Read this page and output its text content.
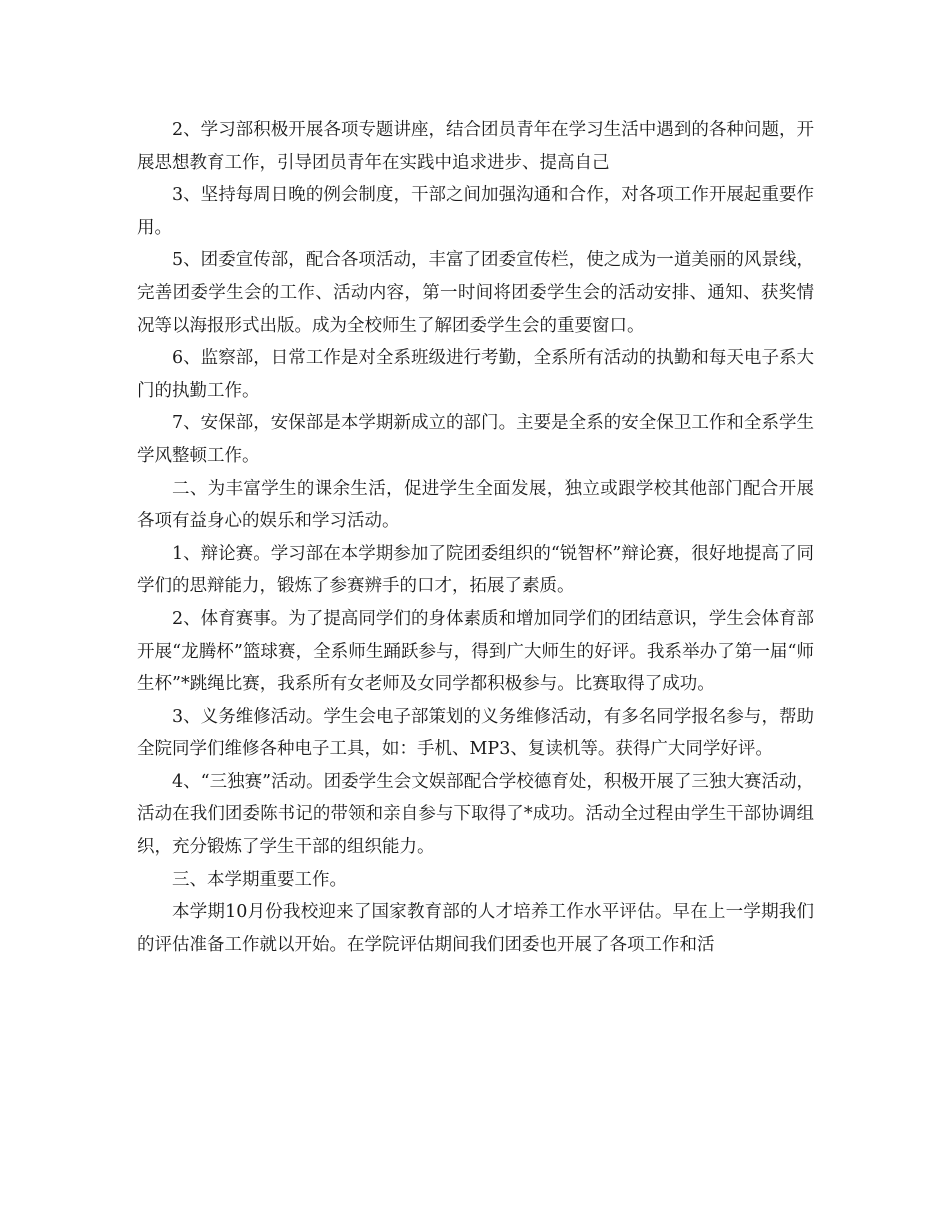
2、学习部积极开展各项专题讲座，结合团员青年在学习生活中遇到的各种问题，开展思想教育工作，引导团员青年在实践中追求进步、提高自己

3、坚持每周日晚的例会制度，干部之间加强沟通和合作，对各项工作开展起重要作用。

5、团委宣传部，配合各项活动，丰富了团委宣传栏，使之成为一道美丽的风景线，完善团委学生会的工作、活动内容，第一时间将团委学生会的活动安排、通知、获奖情况等以海报形式出版。成为全校师生了解团委学生会的重要窗口。

6、监察部，日常工作是对全系班级进行考勤，全系所有活动的执勤和每天电子系大门的执勤工作。

7、安保部，安保部是本学期新成立的部门。主要是全系的安全保卫工作和全系学生学风整顿工作。

二、为丰富学生的课余生活，促进学生全面发展，独立或跟学校其他部门配合开展各项有益身心的娱乐和学习活动。

1、辩论赛。学习部在本学期参加了院团委组织的“锐智杯”辩论赛，很好地提高了同学们的思辩能力，锻炼了参赛辨手的口才，拓展了素质。

2、体育赛事。为了提高同学们的身体素质和增加同学们的团结意识，学生会体育部开展“龙腾杯”篮球赛，全系师生踊跃参与，得到广大师生的好评。我系举办了第一届“师生杯”*跳绳比赛，我系所有女老师及女同学都积极参与。比赛取得了成功。

3、义务维修活动。学生会电子部策划的义务维修活动，有多名同学报名参与，帮助全院同学们维修各种电子工具，如：手机、MP3、复读机等。获得广大同学好评。

4、“三独赛”活动。团委学生会文娱部配合学校德育处，积极开展了三独大赛活动，活动在我们团委陈书记的带领和亲自参与下取得了*成功。活动全过程由学生干部协调组织，充分锻炼了学生干部的组织能力。

三、本学期重要工作。

本学期10月份我校迎来了国家教育部的人才培养工作水平评估。早在上一学期我们的评估准备工作就以开始。在学院评估期间我们团委也开展了各项工作和活
